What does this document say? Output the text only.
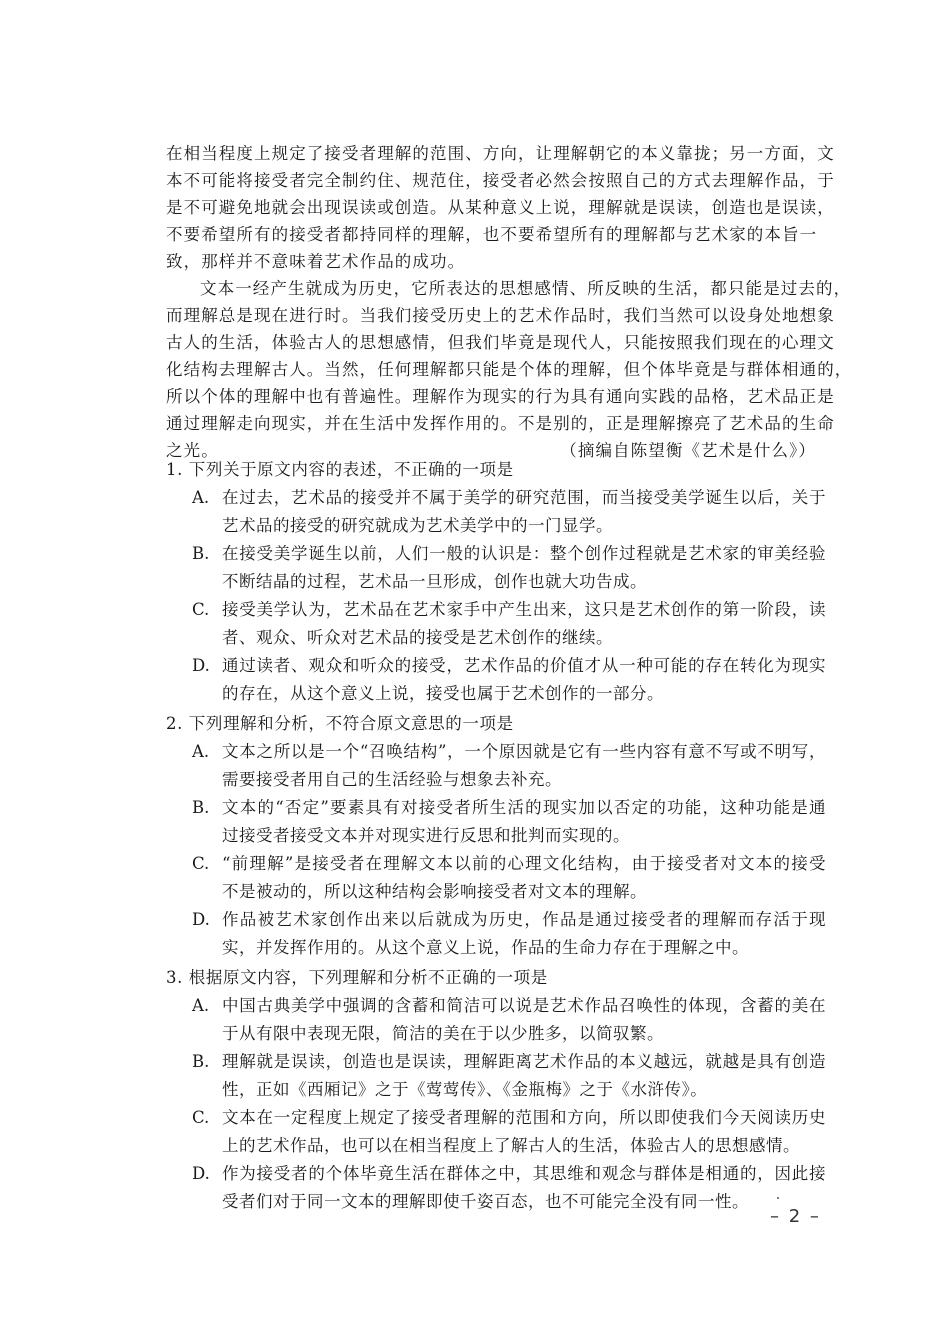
在相当程度上规定了接受者理解的范围、方向，让理解朝它的本义靠拢；另一方面，文
本不可能将接受者完全制约住、规范住，接受者必然会按照自己的方式去理解作品，于
是不可避免地就会出现误读或创造。从某种意义上说，理解就是误读，创造也是误读，
不要希望所有的接受者都持同样的理解，也不要希望所有的理解都与艺术家的本旨一
致，那样并不意味着艺术作品的成功。
文本一经产生就成为历史，它所表达的思想感情、所反映的生活，都只能是过去的，
而理解总是现在进行时。当我们接受历史上的艺术作品时，我们当然可以设身处地想象
古人的生活，体验古人的思想感情，但我们毕竟是现代人，只能按照我们现在的心理文
化结构去理解古人。当然，任何理解都只能是个体的理解，但个体毕竟是与群体相通的，
所以个体的理解中也有普遍性。理解作为现实的行为具有通向实践的品格，艺术品正是
通过理解走向现实，并在生活中发挥作用的。不是别的，正是理解擦亮了艺术品的生命
之光。	（摘编自陈望衡《艺术是什么》）
1. 下列关于原文内容的表述，不正确的一项是
A. 在过去，艺术品的接受并不属于美学的研究范围，而当接受美学诞生以后，关于
艺术品的接受的研究就成为艺术美学中的一门显学。
B. 在接受美学诞生以前，人们一般的认识是：整个创作过程就是艺术家的审美经验
不断结晶的过程，艺术品一旦形成，创作也就大功告成。
C. 接受美学认为，艺术品在艺术家手中产生出来，这只是艺术创作的第一阶段，读
者、观众、听众对艺术品的接受是艺术创作的继续。
D. 通过读者、观众和听众的接受，艺术作品的价值才从一种可能的存在转化为现实
的存在，从这个意义上说，接受也属于艺术创作的一部分。
2. 下列理解和分析，不符合原文意思的一项是
A. 文本之所以是一个“召唤结构”，一个原因就是它有一些内容有意不写或不明写，
需要接受者用自己的生活经验与想象去补充。
B. 文本的“否定”要素具有对接受者所生活的现实加以否定的功能，这种功能是通
过接受者接受文本并对现实进行反思和批判而实现的。
C. “前理解”是接受者在理解文本以前的心理文化结构，由于接受者对文本的接受
不是被动的，所以这种结构会影响接受者对文本的理解。
D. 作品被艺术家创作出来以后就成为历史，作品是通过接受者的理解而存活于现
实，并发挥作用的。从这个意义上说，作品的生命力存在于理解之中。
3. 根据原文内容，下列理解和分析不正确的一项是
A. 中国古典美学中强调的含蓄和简洁可以说是艺术作品召唤性的体现，含蓄的美在
于从有限中表现无限，简洁的美在于以少胜多，以简驭繁。
B. 理解就是误读，创造也是误读，理解距离艺术作品的本义越远，就越是具有创造
性，正如《西厢记》之于《莺莺传》、《金瓶梅》之于《水浒传》。
C. 文本在一定程度上规定了接受者理解的范围和方向，所以即使我们今天阅读历史
上的艺术作品，也可以在相当程度上了解古人的生活，体验古人的思想感情。
D. 作为接受者的个体毕竟生活在群体之中，其思维和观念与群体是相通的，因此接
受者们对于同一文本的理解即使千姿百态，也不可能完全没有同一性。
– 2 –
